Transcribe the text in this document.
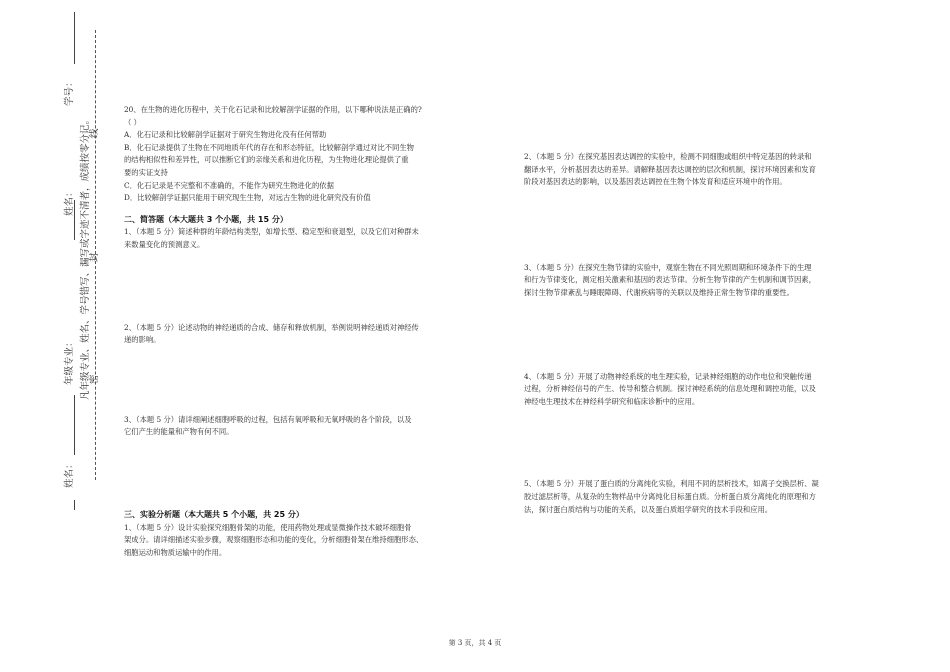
学号：
姓名：
年级专业：
姓名：
凡年级专业、姓名、学号错写、漏写或字迹不清者，成绩按零分记。
线
封
密

20、在生物的进化历程中，关于化石记录和比较解剖学证据的作用，以下哪种说法是正确的?

（ ）

A．化石记录和比较解剖学证据对于研究生物进化没有任何帮助

B．化石记录提供了生物在不同地质年代的存在和形态特征，比较解剖学通过对比不同生物

的结构相似性和差异性，可以推断它们的亲缘关系和进化历程，为生物进化理论提供了重

要的实证支持

C．化石记录是不完整和不准确的，不能作为研究生物进化的依据

D．比较解剖学证据只能用于研究现生生物，对远古生物的进化研究没有价值

二、简答题（本大题共 3 个小题，共 15 分）

1、（本题 5 分）简述种群的年龄结构类型，如增长型、稳定型和衰退型，以及它们对种群未

来数量变化的预测意义。

2、（本题 5 分）论述动物的神经递质的合成、储存和释放机制，举例说明神经递质对神经传

递的影响。

3、（本题 5 分）请详细阐述细胞呼吸的过程，包括有氧呼吸和无氧呼吸的各个阶段，以及

它们产生的能量和产物有何不同。

三、实验分析题（本大题共 5 个小题，共 25 分）

1、（本题 5 分）设计实验探究细胞骨架的功能，使用药物处理或显微操作技术破坏细胞骨

架成分。请详细描述实验步骤，观察细胞形态和功能的变化，分析细胞骨架在维持细胞形态、

细胞运动和物质运输中的作用。

2、（本题 5 分）在探究基因表达调控的实验中，检测不同细胞或组织中特定基因的转录和

翻译水平，分析基因表达的差异。请解释基因表达调控的层次和机制，探讨环境因素和发育

阶段对基因表达的影响，以及基因表达调控在生物个体发育和适应环境中的作用。

3、（本题 5 分）在探究生物节律的实验中，观察生物在不同光照周期和环境条件下的生理

和行为节律变化，测定相关激素和基因的表达节律。分析生物节律的产生机制和调节因素，

探讨生物节律紊乱与睡眠障碍、代谢疾病等的关联以及维持正常生物节律的重要性。

4、（本题 5 分）开展了动物神经系统的电生理实验，记录神经细胞的动作电位和突触传递

过程，分析神经信号的产生、传导和整合机制。探讨神经系统的信息处理和调控功能，以及

神经电生理技术在神经科学研究和临床诊断中的应用。

5、（本题 5 分）开展了蛋白质的分离纯化实验，利用不同的层析技术，如离子交换层析、凝

胶过滤层析等，从复杂的生物样品中分离纯化目标蛋白质。分析蛋白质分离纯化的原理和方

法，探讨蛋白质结构与功能的关系，以及蛋白质组学研究的技术手段和应用。

第 3 页，共 4 页
